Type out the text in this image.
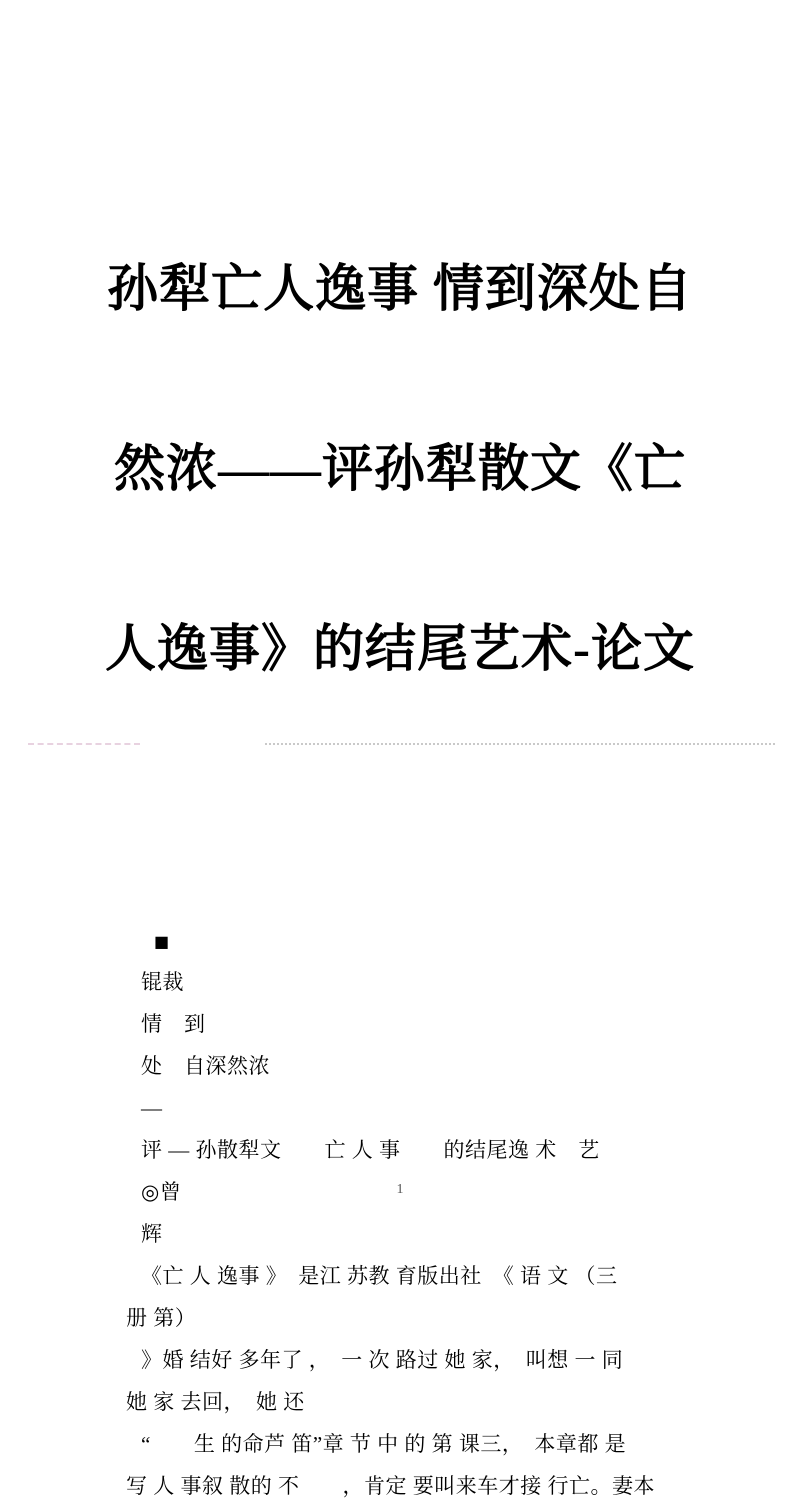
孙犁亡人逸事 情到深处自

然浓——评孙犁散文《亡

人逸事》的结尾艺术-论文

■
锟裁
情　到
处　自深然浓
—
评 — 孙散犁文　　亡 人 事　　的结尾逸 术　艺
◎曾
辉
《亡 人 逸事 》　是江 苏教 育版出社　《 语 文 （三
册 第）
》婚 结好 多年了 ，　一 次 路过 她 家，　叫想 一 同
她 家 去回，　她 还
“　　生 的命芦 笛”章 节 中 的 第 课三，　本章都 是
写 人 事叙 散的 不　　，肯定 要叫来车才接 行亡。妻本
1
